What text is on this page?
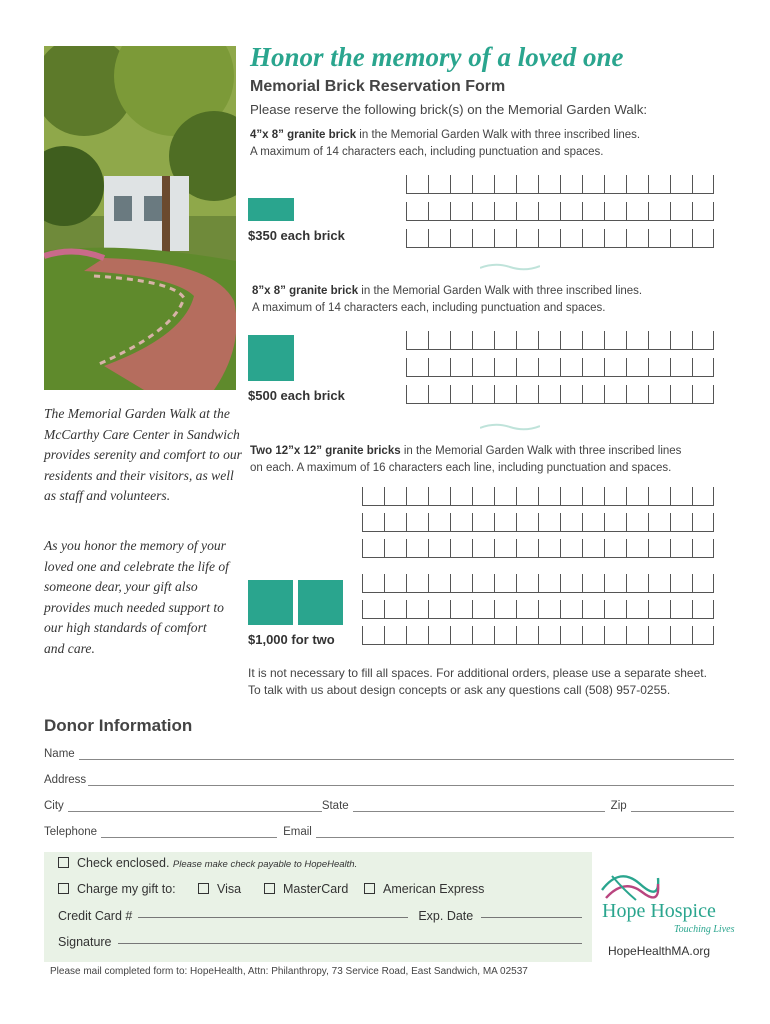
Honor the memory of a loved one
Memorial Brick Reservation Form
Please reserve the following brick(s) on the Memorial Garden Walk:
4”x 8” granite brick in the Memorial Garden Walk with three inscribed lines.
A maximum of 14 characters each, including punctuation and spaces.
$350 each brick
8”x 8” granite brick in the Memorial Garden Walk with three inscribed lines.
A maximum of 14 characters each, including punctuation and spaces.
$500 each brick
Two 12”x 12” granite bricks in the Memorial Garden Walk with three inscribed lines
on each. A maximum of 16 characters each line, including punctuation and spaces.
$1,000 for two
It is not necessary to fill all spaces. For additional orders, please use a separate sheet.
To talk with us about design concepts or ask any questions call (508) 957-0255.
The Memorial Garden Walk at the McCarthy Care Center in Sandwich provides serenity and comfort to our residents and their visitors, as well as staff and volunteers.
As you honor the memory of your loved one and celebrate the life of someone dear, your gift also provides much needed support to our high standards of comfort and care.
Donor Information
Name
Address
City	State	Zip
Telephone	Email
Check enclosed. Please make check payable to HopeHealth.
Charge my gift to:	Visa	MasterCard	American Express
Credit Card #	Exp. Date
Signature
Hope Hospice
Touching Lives
HopeHealthMA.org
Please mail completed form to: HopeHealth, Attn: Philanthropy, 73 Service Road, East Sandwich, MA 02537
